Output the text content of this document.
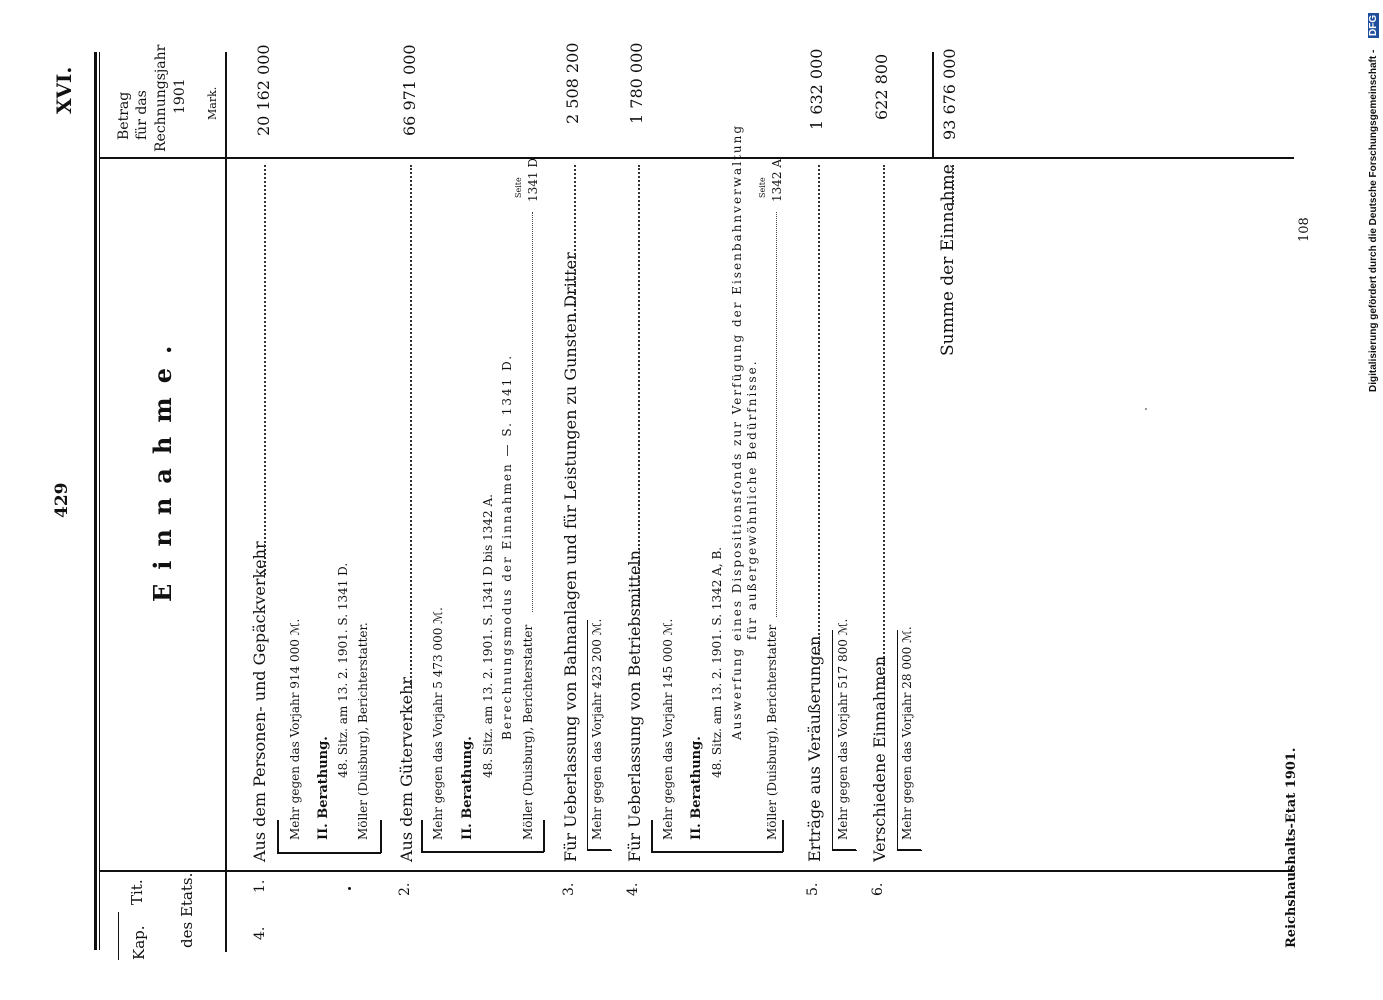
429
XVI.
Kap.
Tit. des Etats.
Einnahme.
Betrag für das Rechnungsjahr 1901 Mark.
4.
1.
Aus dem Personen- und Gepäckverkehr
20 162 000
Mehr gegen das Vorjahr 914 000 ℳ. II. Berathung.
48. Sitz. am 13. 2. 1901. S. 1341 D. Möller (Duisburg), Berichterstatter.
2.
Aus dem Güterverkehr
66 971 000
Mehr gegen das Vorjahr 5 473 000 ℳ. II. Berathung.
48. Sitz. am 13. 2. 1901. S. 1341 D bis 1342 A. Berechnungsmodus der Einnahmen — S. 1341 D. Möller (Duisburg), Berichterstatter
Seite 1341 D
3.
Für Ueberlassung von Bahnanlagen und für Leistungen zu Gunsten Dritter
2 508 200
Mehr gegen das Vorjahr 423 200 ℳ.
4.
Für Ueberlassung von Betriebsmitteln
1 780 000
Mehr gegen das Vorjahr 145 000 ℳ. II. Berathung.
48. Sitz. am 13. 2. 1901. S. 1342 A, B. Auswerfung eines Dispositionsfonds zur Verfügung der Eisenbahnverwaltung für außergewöhnliche Bedürfnisse.
Möller (Duisburg), Berichterstatter
Seite 1342 A
5.
Erträge aus Veräußerungen
1 632 000
Mehr gegen das Vorjahr 517 800 ℳ.
6.
Verschiedene Einnahmen
622 800
Mehr gegen das Vorjahr 28 000 ℳ.
Summe der Einnahme
93 676 000
108
Reichshaushalts-Etat 1901.
Digitalisierung gefördert durch die Deutsche Forschungsgemeinschaft -
DFG
